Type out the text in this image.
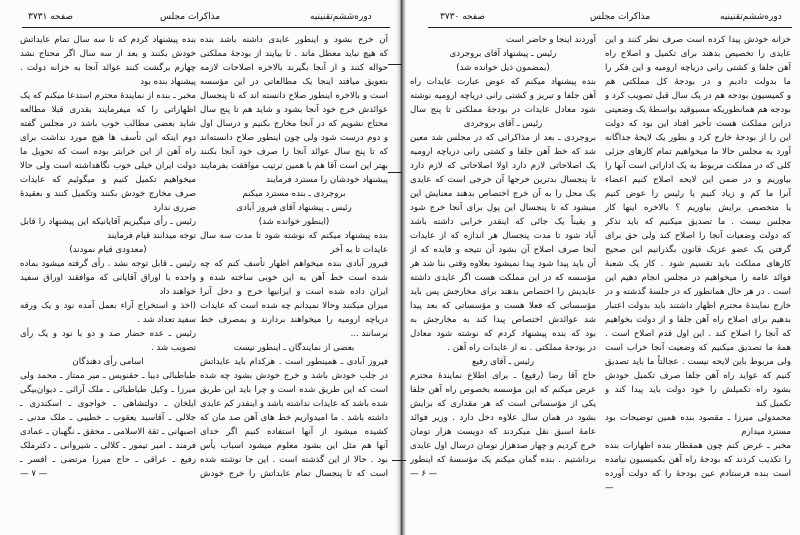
صفحه ۳۷۳۱	مذاکرات مجلس	دوره‌ششم‌تقنینیه
آن خرج بشود و اینطور عایدی داشته باشد بنده
که هیچ نباید معطل ماند . تا بیایند از بودجهٔ مملکتی
حواله کنند و از آنجا بگیرند بالاخره اصلاحات لازمه
بتعویق میافتد اینجا یک مطالعاتی در این مؤسسه
است و بالاخره اینطور صلاح دانسته اند که تا پنجسال
عوائدش خرج خود آنجا بشود و شاید هم تا پنج سال
محتاج نشویم که در آنجا مخارج بکنیم و درسال اول
و دوم درست شود ولی چون اینطور صلاح دانسته‌اند
که تا پنج سال عوائد آنجا را صرف خود آنجا بکنند
بهتر این است آقا هم با همین ترتیب موافقت بفرمایند
پیشنهاد خودشان را مسترد فرمایند
بروجردی ـ بنده مسترد میکنم
رئیس ـ پیشنهاد آقای فیروز آبادی
(اینطور خوانده شد)
بنده پیشنهاد میکنم که نوشته شود تا مدت سه سال
عایدات تا به آخر
فیروز آبادی بنده میخواهم اظهار تأسف کنم که چه
شده است خط آهن به این خوبی ساخته شده و
ایران داده شده است و ایرانیها خرج و دخل آنرا
میزان میکنند وحالا نمیدانم چه شده است که عایدات
دریاچه ارومیه را میخواهند بردارند و بمصرف خط
برسانند ...
بعضی از نمایندگان ـ اینطور نیست
فیروز آبادی ـ همینطور است . هرکدام باید عایداتش
در جلب خودش باشد و خرج خودش بشود چه شده
است که این طریق شده است و چرا باید این طریق
شده باشد که عایدات نداشته باشد و اینقدر کم عایدی
داشته باشد . ما امیدواریم خط های آهن صد مان که
کشیده میشود از آنها استفاده کنیم اگر خدای
آنها هم مثل این بشود معلوم میشود اسباب یأس
بود . حالا از این گذشته است . این جا نوشته شده
است که تا پنجسال تمام عایداتش را خرج خودش
بنده پیشنهاد کردم که تا سه سال تمام عایداتش
خودش بکنند و بعد از سه سال اگر محتاج نشد
چهارم برگشت کنند عوائد آنجا به خزانه دولت .
پیشنهاد بنده بود
مخبر ـ بنده از نمایندهٔ محترم استدعا میکنم که یک
اظهاراتی را که میفرمایند بقدری قبلا مطالعه
شاید بعضی مطالب خوب باشد در مجلس گفته
دوم اینکه این تأسف ها هیچ مورد نداشت برای
راه آهن از این خرابتر بوده است که تحویل ما
دولت ایران خیلی خوب نگاهداشته است ولی حالا
میخواهیم تکمیل کنیم و میگوئیم که عایدات
صرف مخارج خودش بکنند وتکمیل کنند و بعقیدهٔ
ضرری ندارد
رئیس ـ رأی میگیریم آقایانیکه این پیشنهاد را قابل
توجه میدانند قیام فرمایند
(معدودی قیام نمودند)
رئیس ـ قابل توجه نشد . رأی گرفته میشود بماده
واحده با اوراق آقایانی که موافقند اوراق سفید
خواهند داد
(اخذ و استخراج آراء بعمل آمده نود و یک ورقه
سفید تعداد شد .
رئیس ـ عده حضار صد و دو با نود و یک رأی
تصویب شد .
اسامی رأی دهندگان
طباطبائی دیبا ـ حقنویس ـ میر ممتاز ـ محمد ولی
میرزا ـ وکیل طباطبائی ـ ملک آرائی ـ دیوان‌بیگی
ایلخان ـ دولتشاهی ـ خواجوی ـ اسکندری ـ
جلالی ـ آقاسید یعقوب ـ خطیبی ـ ملک مدنی ـ
اصبهانی ـ ثقة الاسلامی ـ محقق ـ نگهبان ـ عمادی
فرمند ـ امیر تیمور ـ کلالی ـ شیروانی ـ دکترملک
رفیع ـ عراقی ـ حاج میرزا مرتضی ـ افسر ـ
— ۷ —
صفحه ۳۷۳۰	مذاکرات مجلس	دوره‌ششم‌تقنینیه
خزانه خودش پیدا کرده است صرف نظر کنند و این
عایدی را تخصیص بدهند برای تکمیل و اصلاح راه
آهن جلفا و کشتی رانی دریاچه ارومیه و این فکر را
ما بدولت دادیم و در بودجهٔ کل مملکتی هم
و کمیسیون بودجه هم در یک سال قبل تصویب کرد و
بودجه هم همانطوریکه مسبوقید بواسطهٔ یک وضعیتی
دراین مملکت هست تأخیر افتاد این بود که دولت
این را از بودجهٔ خارج کرد و بطور یک لایحهٔ جداگانه
آورد به مجلس حالا ما میخواهیم تمام کارهای جزئی
کلی که در مملکت مربوط به یک اداراتی است آنها را
بیاوریم و در ضمن این لایحه اصلاح کنیم اعضاء
آنرا ما کم و زیاد کنیم یا رئیس را عوض کنیم
یا متخصص برایش بیاوریم ؟ بالاخره اینها کار
مجلس نیست . ما تصدیق میکنیم که باید تذکر
که دولت وضعیات آنجا را اصلاح کند ولی حق برای
گرفتن یک عضو عزیک قانون بگذرانیم این صحیح
کارهای مملکت باید تقسیم شود . کار یک شعبهٔ
فوائد عامه را میخواهیم در مجلس انجام دهیم این
است . در هر حال همانطور که در جلسهٔ گذشته و در
خارج نمایندهٔ محترم اظهار داشتند باید بدولت اعتبار
بدهیم برای اصلاح راه آهن جلفا و از دولت بخواهیم
که آنجا را اصلاح کند . این اول قدم اصلاح است .
همهٔ ما تصدیق میکنیم که وضعیت آنجا خراب است
ولی مربوط باین لایحه نیست . عجالتاً ما باید تصدیق
کنیم که عواید راه آهن جلفا صرف تکمیل خودش
بشود راه تکمیلش را خود دولت باید پیدا کند و
تکمیل کند
محمدولی میرزا ـ مقصود بنده همین توضیحات بود
مسترد میدارم
مخبر ـ عرض کنم چون همقطار بنده اظهارات بنده
را تکذیب کردند که بودجهٔ راه آهن بکمیسیون نیامده
است بنده فرستادم عین بودجهٔ را که دولت آورده
—
آوردند اینجا و حاضر است
رئیس ـ پیشنهاد آقای بروجردی
(بمضمون ذیل خوانده شد)
بنده پیشنهاد میکنم که عوض عبارت عایدات راه
آهن جلفا و تبریز و کشتی رانی دریاچه ارومیه نوشته
شود معادل عایدات در بودجهٔ مملکتی تا پنج سال
رئیس ـ آقای بروجردی
بروجردی ـ بعد از مذاکراتی که در مجلس شد معین
شد که خط آهن جلفا و کشتی رانی دریاچه ارومیه
یک اصلاحاتی لازم دارد اولا اصلاحاتی که لازم دارد
تا پنجسال بدترین خرجها آن خرجی است که عایدی
یک محل را به آن خرج اختصاص بدهند معنایش این
میشود که تا پنجسال این پول برای آنجا خرج شود
و یقیناً یک جائی که اینقدر خرابی داشته باشد
آباد شود تا مدت پنجسال هر اندازه که از عایدات
آنجا صرف اصلاح آن بشود آن نتیجه و فایده که از
آن باید پیدا شود پیدا نمیشود بعلاوه وقتی بنا شد هر
مؤسسه که در این مملکت هست اگر عایدی داشته
عایدیش را اختصاص بدهند برای مخارجش پس باید
مؤسساتی که فعلا هست و مؤسساتی که بعد پیدا
شد عوائدش اختصاص پیدا کند به مخارجش به
بود که بنده پیشنهاد کردم که نوشته شود معادل
در بودجهٔ مملکتی . نه از عایدات راه آهن .
رئیس ـ آقای رفیع
حاج آقا رضا (رفیع) ـ برای اطلاع نمایندهٔ محترم
عرض میکنم که این مؤسسه بخصوص راه آهن جلفا
یکی از مؤسساتی است که هر مقداری که برایش
بشود در همان سال علاوه دخل دارد . وزیر فوائد
عامهٔ اسبق نقل میکردند که دویست هزار تومان
خرج کردیم و چهار صدهزار تومان درسال اول عایدی
برداشتیم . بنده گمان میکنم یک مؤسسهٔ که اینطور
— ۶ —
